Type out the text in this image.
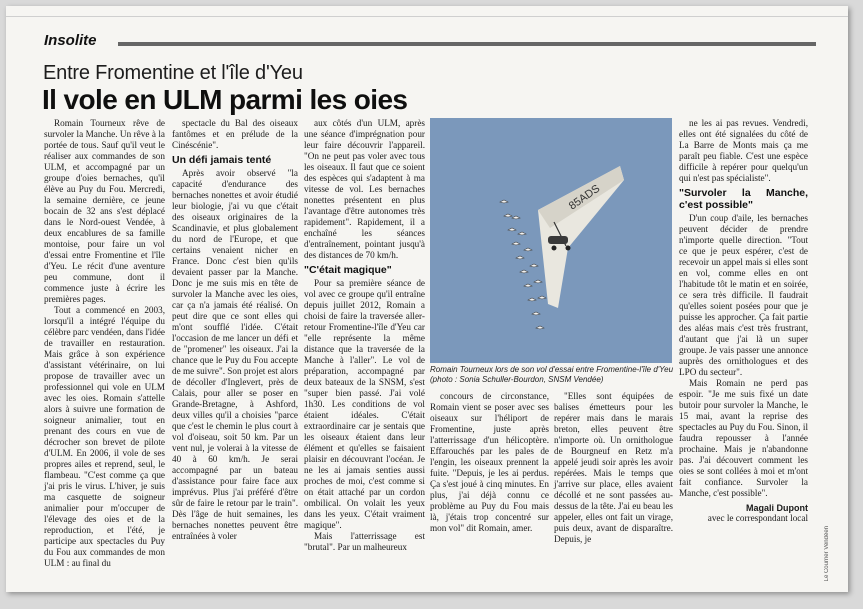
Insolite
Entre Fromentine et l'île d'Yeu
Il vole en ULM parmi les oies

Romain Tourneux rêve de survoler la Manche. Un rêve à la portée de tous. Sauf qu'il veut le réaliser aux commandes de son ULM, et accompagné par un groupe d'oies bernaches, qu'il élève au Puy du Fou. Mercredi, la semaine dernière, ce jeune bocain de 32 ans s'est déplacé dans le Nord-ouest Vendée, à deux encablures de sa famille montoise, pour faire un vol d'essai entre Fromentine et l'île d'Yeu. Le récit d'une aventure peu commune, dont il commence juste à écrire les premières pages.

Tout a commencé en 2003, lorsqu'il a intégré l'équipe du célèbre parc vendéen, dans l'idée de travailler en restauration. Mais grâce à son expérience d'assistant vétérinaire, on lui propose de travailler avec un professionnel qui vole en ULM avec les oies. Romain s'attelle alors à suivre une formation de soigneur animalier, tout en prenant des cours en vue de décrocher son brevet de pilote d'ULM. En 2006, il vole de ses propres ailes et reprend, seul, le flambeau. "C'est comme ça que j'ai pris le virus. L'hiver, je suis ma casquette de soigneur animalier pour m'occuper de l'élevage des oies et de la reproduction, et l'été, je participe aux spectacles du Puy du Fou aux commandes de mon ULM : au final du

spectacle du Bal des oiseaux fantômes et en prélude de la Cinéscénie".

Un défi jamais tenté

Après avoir observé "la capacité d'endurance des bernaches nonettes et avoir étudié leur biologie, j'ai vu que c'était des oiseaux originaires de la Scandinavie, et plus globalement du nord de l'Europe, et que certains venaient nicher en France. Donc c'est bien qu'ils devaient passer par la Manche. Donc je me suis mis en tête de survoler la Manche avec les oies, car ça n'a jamais été réalisé. On peut dire que ce sont elles qui m'ont soufflé l'idée. C'était l'occasion de me lancer un défi et de "promener" les oiseaux. J'ai la chance que le Puy du Fou accepte de me suivre". Son projet est alors de décoller d'Inglevert, près de Calais, pour aller se poser en Grande-Bretagne, à Ashford, deux villes qu'il a choisies "parce que c'est le chemin le plus court à vol d'oiseau, soit 50 km. Par un vent nul, je volerai à la vitesse de 40 à 60 km/h. Je serai accompagné par un bateau d'assistance pour faire face aux imprévus. Plus j'ai préféré d'être sûr de faire le retour par le train". Dès l'âge de huit semaines, les bernaches nonettes peuvent être entraînées à voler

aux côtés d'un ULM, après une séance d'imprégnation pour leur faire découvrir l'appareil. "On ne peut pas voler avec tous les oiseaux. Il faut que ce soient des espèces qui s'adaptent à ma vitesse de vol. Les bernaches nonettes présentent en plus l'avantage d'être autonomes très rapidement". Rapidement, il a enchaîné les séances d'entraînement, pointant jusqu'à des distances de 70 km/h.

"C'était magique"

Pour sa première séance de vol avec ce groupe qu'il entraîne depuis juillet 2012, Romain a choisi de faire la traversée aller-retour Fromentine-l'île d'Yeu car "elle représente la même distance que la traversée de la Manche à l'aller". Le vol de préparation, accompagné par deux bateaux de la SNSM, s'est "super bien passé. J'ai volé 1h30. Les conditions de vol étaient idéales. C'était extraordinaire car je sentais que les oiseaux étaient dans leur élément et qu'elles se faisaient plaisir en découvrant l'océan. Je ne les ai jamais senties aussi proches de moi, c'est comme si on était attaché par un cordon ombilical. On volait les yeux dans les yeux. C'était vraiment magique".

Mais l'atterrissage est "brutal". Par un malheureux

85ADS
Romain Tourneux lors de son vol d'essai entre Fromentine-l'île d'Yeu (photo : Sonia Schuller-Bourdon, SNSM Vendée)

concours de circonstance, Romain vient se poser avec ses oiseaux sur l'héliport de Fromentine, juste après l'atterrissage d'un hélicoptère. Effarouchés par les pales de l'engin, les oiseaux prennent la fuite. "Depuis, je les ai perdus. Ça s'est joué à cinq minutes. En plus, j'ai déjà connu ce problème au Puy du Fou mais là, j'étais trop concentré sur mon vol" dit Romain, amer.

"Elles sont équipées de balises émetteurs pour les repérer mais dans le marais breton, elles peuvent être n'importe où. Un ornithologue de Bourgneuf en Retz m'a appelé jeudi soir après les avoir repérées. Mais le temps que j'arrive sur place, elles avaient décollé et ne sont passées au-dessus de la tête. J'ai eu beau les appeler, elles ont fait un virage, puis deux, avant de disparaître. Depuis, je

ne les ai pas revues. Vendredi, elles ont été signalées du côté de La Barre de Monts mais ça me paraît peu fiable. C'est une espèce difficile à repérer pour quelqu'un qui n'est pas spécialiste".

"Survoler la Manche, c'est possible"

D'un coup d'aile, les bernaches peuvent décider de prendre n'importe quelle direction. "Tout ce que je peux espérer, c'est de recevoir un appel mais si elles sont en vol, comme elles en ont l'habitude tôt le matin et en soirée, ce sera très difficile. Il faudrait qu'elles soient posées pour que je puisse les approcher. Ça fait partie des aléas mais c'est très frustrant, d'autant que j'ai là un super groupe. Je vais passer une annonce auprès des ornithologues et des LPO du secteur".

Mais Romain ne perd pas espoir. "Je me suis fixé un date butoir pour survoler la Manche, le 15 mai, avant la reprise des spectacles au Puy du Fou. Sinon, il faudra repousser à l'année prochaine. Mais je n'abandonne pas. J'ai découvert comment les oies se sont collées à moi et m'ont fait confiance. Survoler la Manche, c'est possible".

Magali Dupont
avec le correspondant local
Le Courrier Vendéen
